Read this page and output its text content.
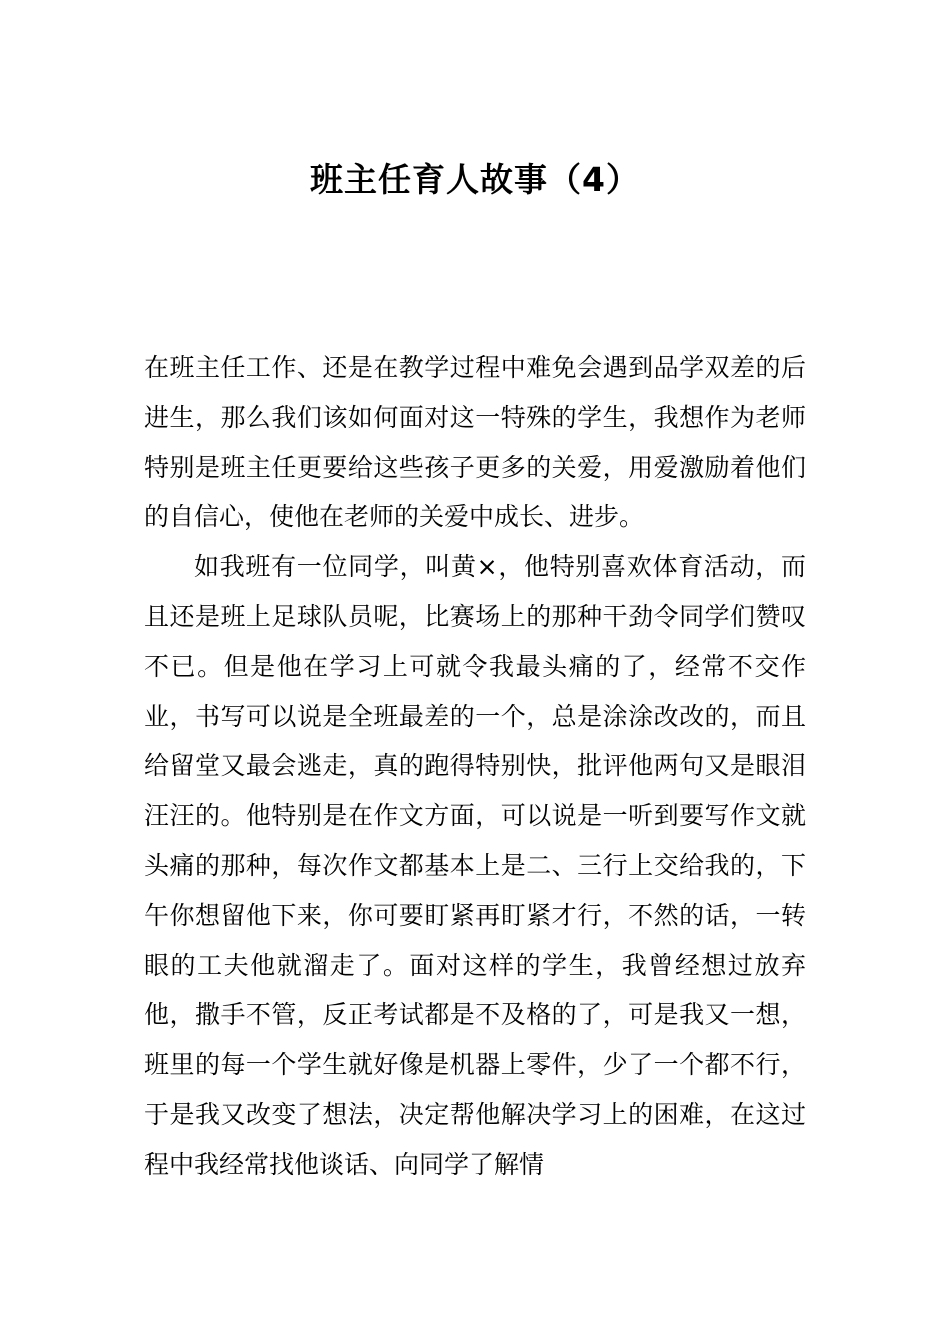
班主任育人故事（4）

在班主任工作、还是在教学过程中难免会遇到品学双差的后进生，那么我们该如何面对这一特殊的学生，我想作为老师特别是班主任更要给这些孩子更多的关爱，用爱激励着他们的自信心，使他在老师的关爱中成长、进步。

如我班有一位同学，叫黄×，他特别喜欢体育活动，而且还是班上足球队员呢，比赛场上的那种干劲令同学们赞叹不已。但是他在学习上可就令我最头痛的了，经常不交作业，书写可以说是全班最差的一个，总是涂涂改改的，而且给留堂又最会逃走，真的跑得特别快，批评他两句又是眼泪汪汪的。他特别是在作文方面，可以说是一听到要写作文就头痛的那种，每次作文都基本上是二、三行上交给我的，下午你想留他下来，你可要盯紧再盯紧才行，不然的话，一转眼的工夫他就溜走了。面对这样的学生，我曾经想过放弃他，撒手不管，反正考试都是不及格的了，可是我又一想，班里的每一个学生就好像是机器上零件，少了一个都不行，于是我又改变了想法，决定帮他解决学习上的困难，在这过程中我经常找他谈话、向同学了解情
